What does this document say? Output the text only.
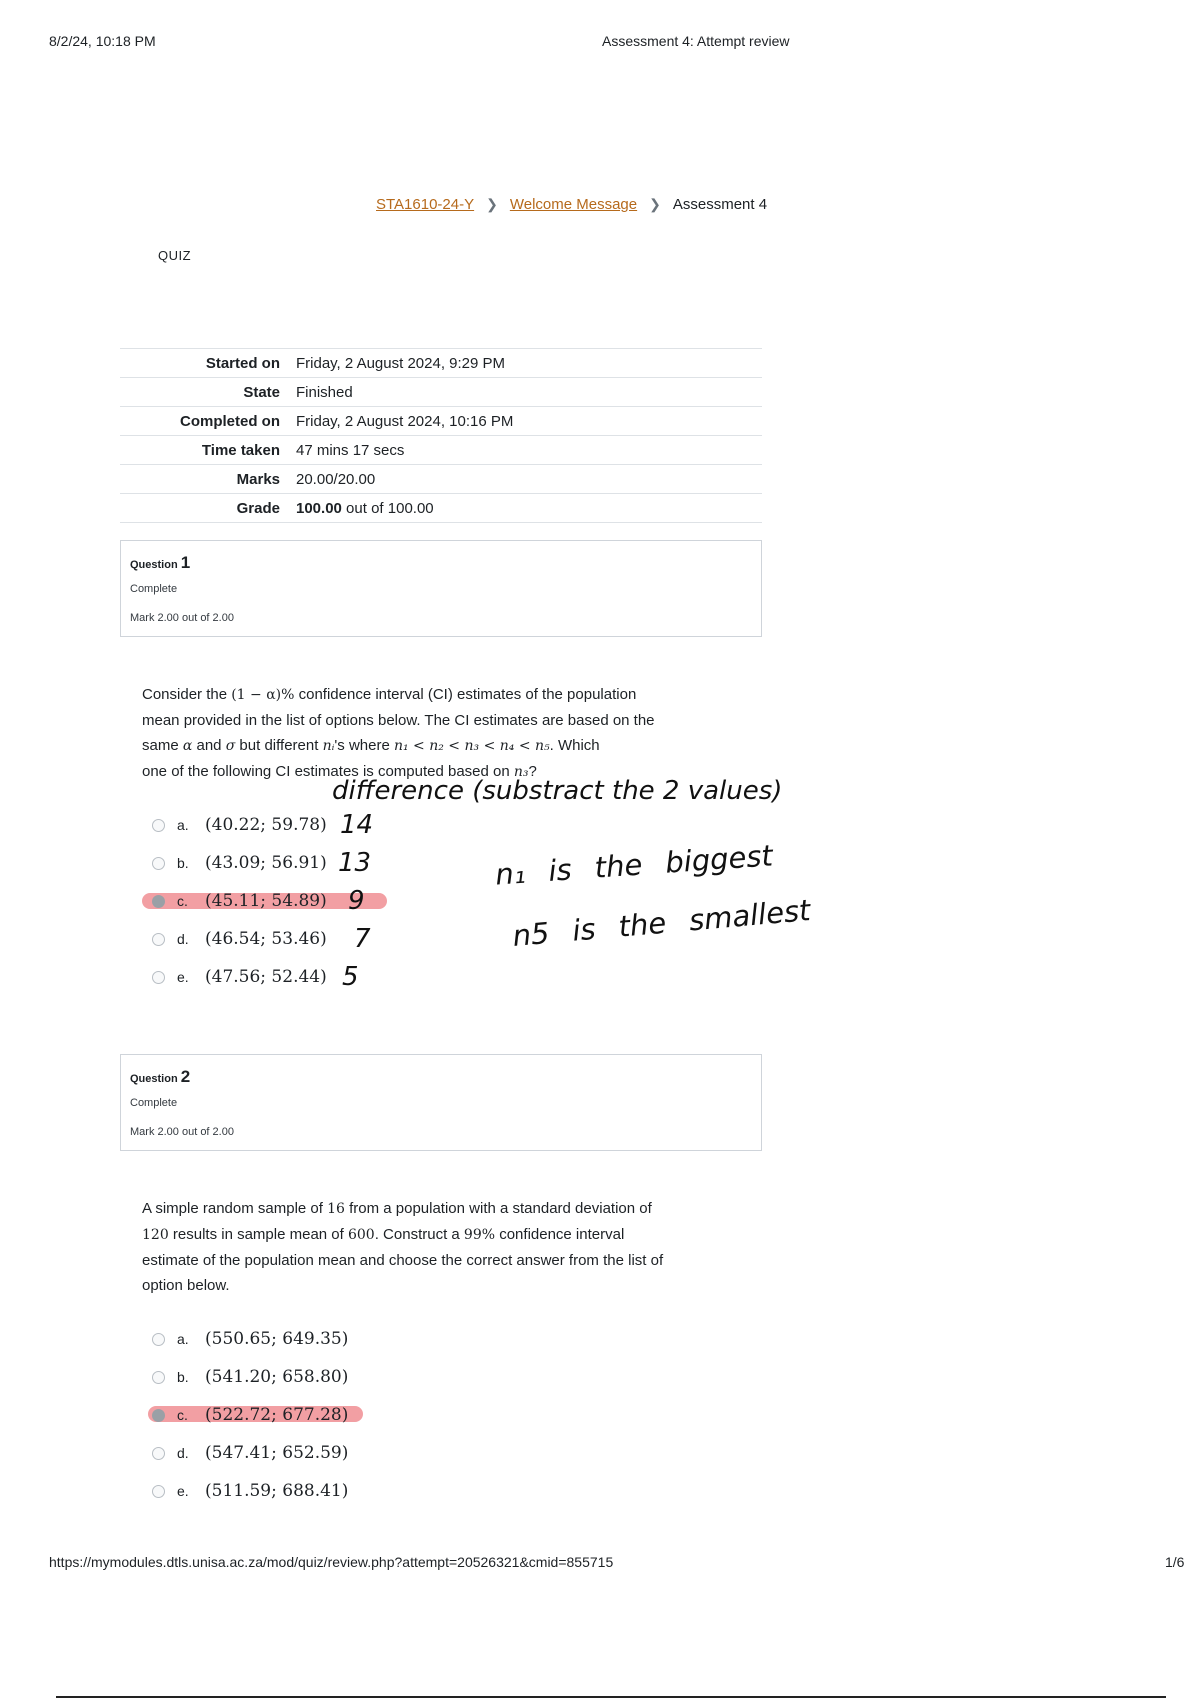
8/2/24, 10:18 PM	Assessment 4: Attempt review
STA1610-24-Y ❯ Welcome Message ❯ Assessment 4
QUIZ
Started on	Friday, 2 August 2024, 9:29 PM
State	Finished
Completed on	Friday, 2 August 2024, 10:16 PM
Time taken	47 mins 17 secs
Marks	20.00/20.00
Grade	100.00 out of 100.00
Question 1
Complete
Mark 2.00 out of 2.00
Consider the (1 − α)% confidence interval (CI) estimates of the population
mean provided in the list of options below. The CI estimates are based on the
same α and σ but different nᵢ's where n₁ < n₂ < n₃ < n₄ < n₅. Which
one of the following CI estimates is computed based on n₃?
a. (40.22; 59.78)
b. (43.09; 56.91)
c.	(45.11; 54.89)
d. (46.54; 53.46)
e. (47.56; 52.44)
difference (substract the 2 values)
14
13
9
7
5
n₁ is the biggest
n5 is the smallest
Question 2
Complete
Mark 2.00 out of 2.00
A simple random sample of 16 from a population with a standard deviation of
120 results in sample mean of 600. Construct a 99% confidence interval
estimate of the population mean and choose the correct answer from the list of
option below.
a. (550.65; 649.35)
b. (541.20; 658.80)
c.	(522.72; 677.28)
d. (547.41; 652.59)
e. (511.59; 688.41)
https://mymodules.dtls.unisa.ac.za/mod/quiz/review.php?attempt=20526321&cmid=855715	1/6
